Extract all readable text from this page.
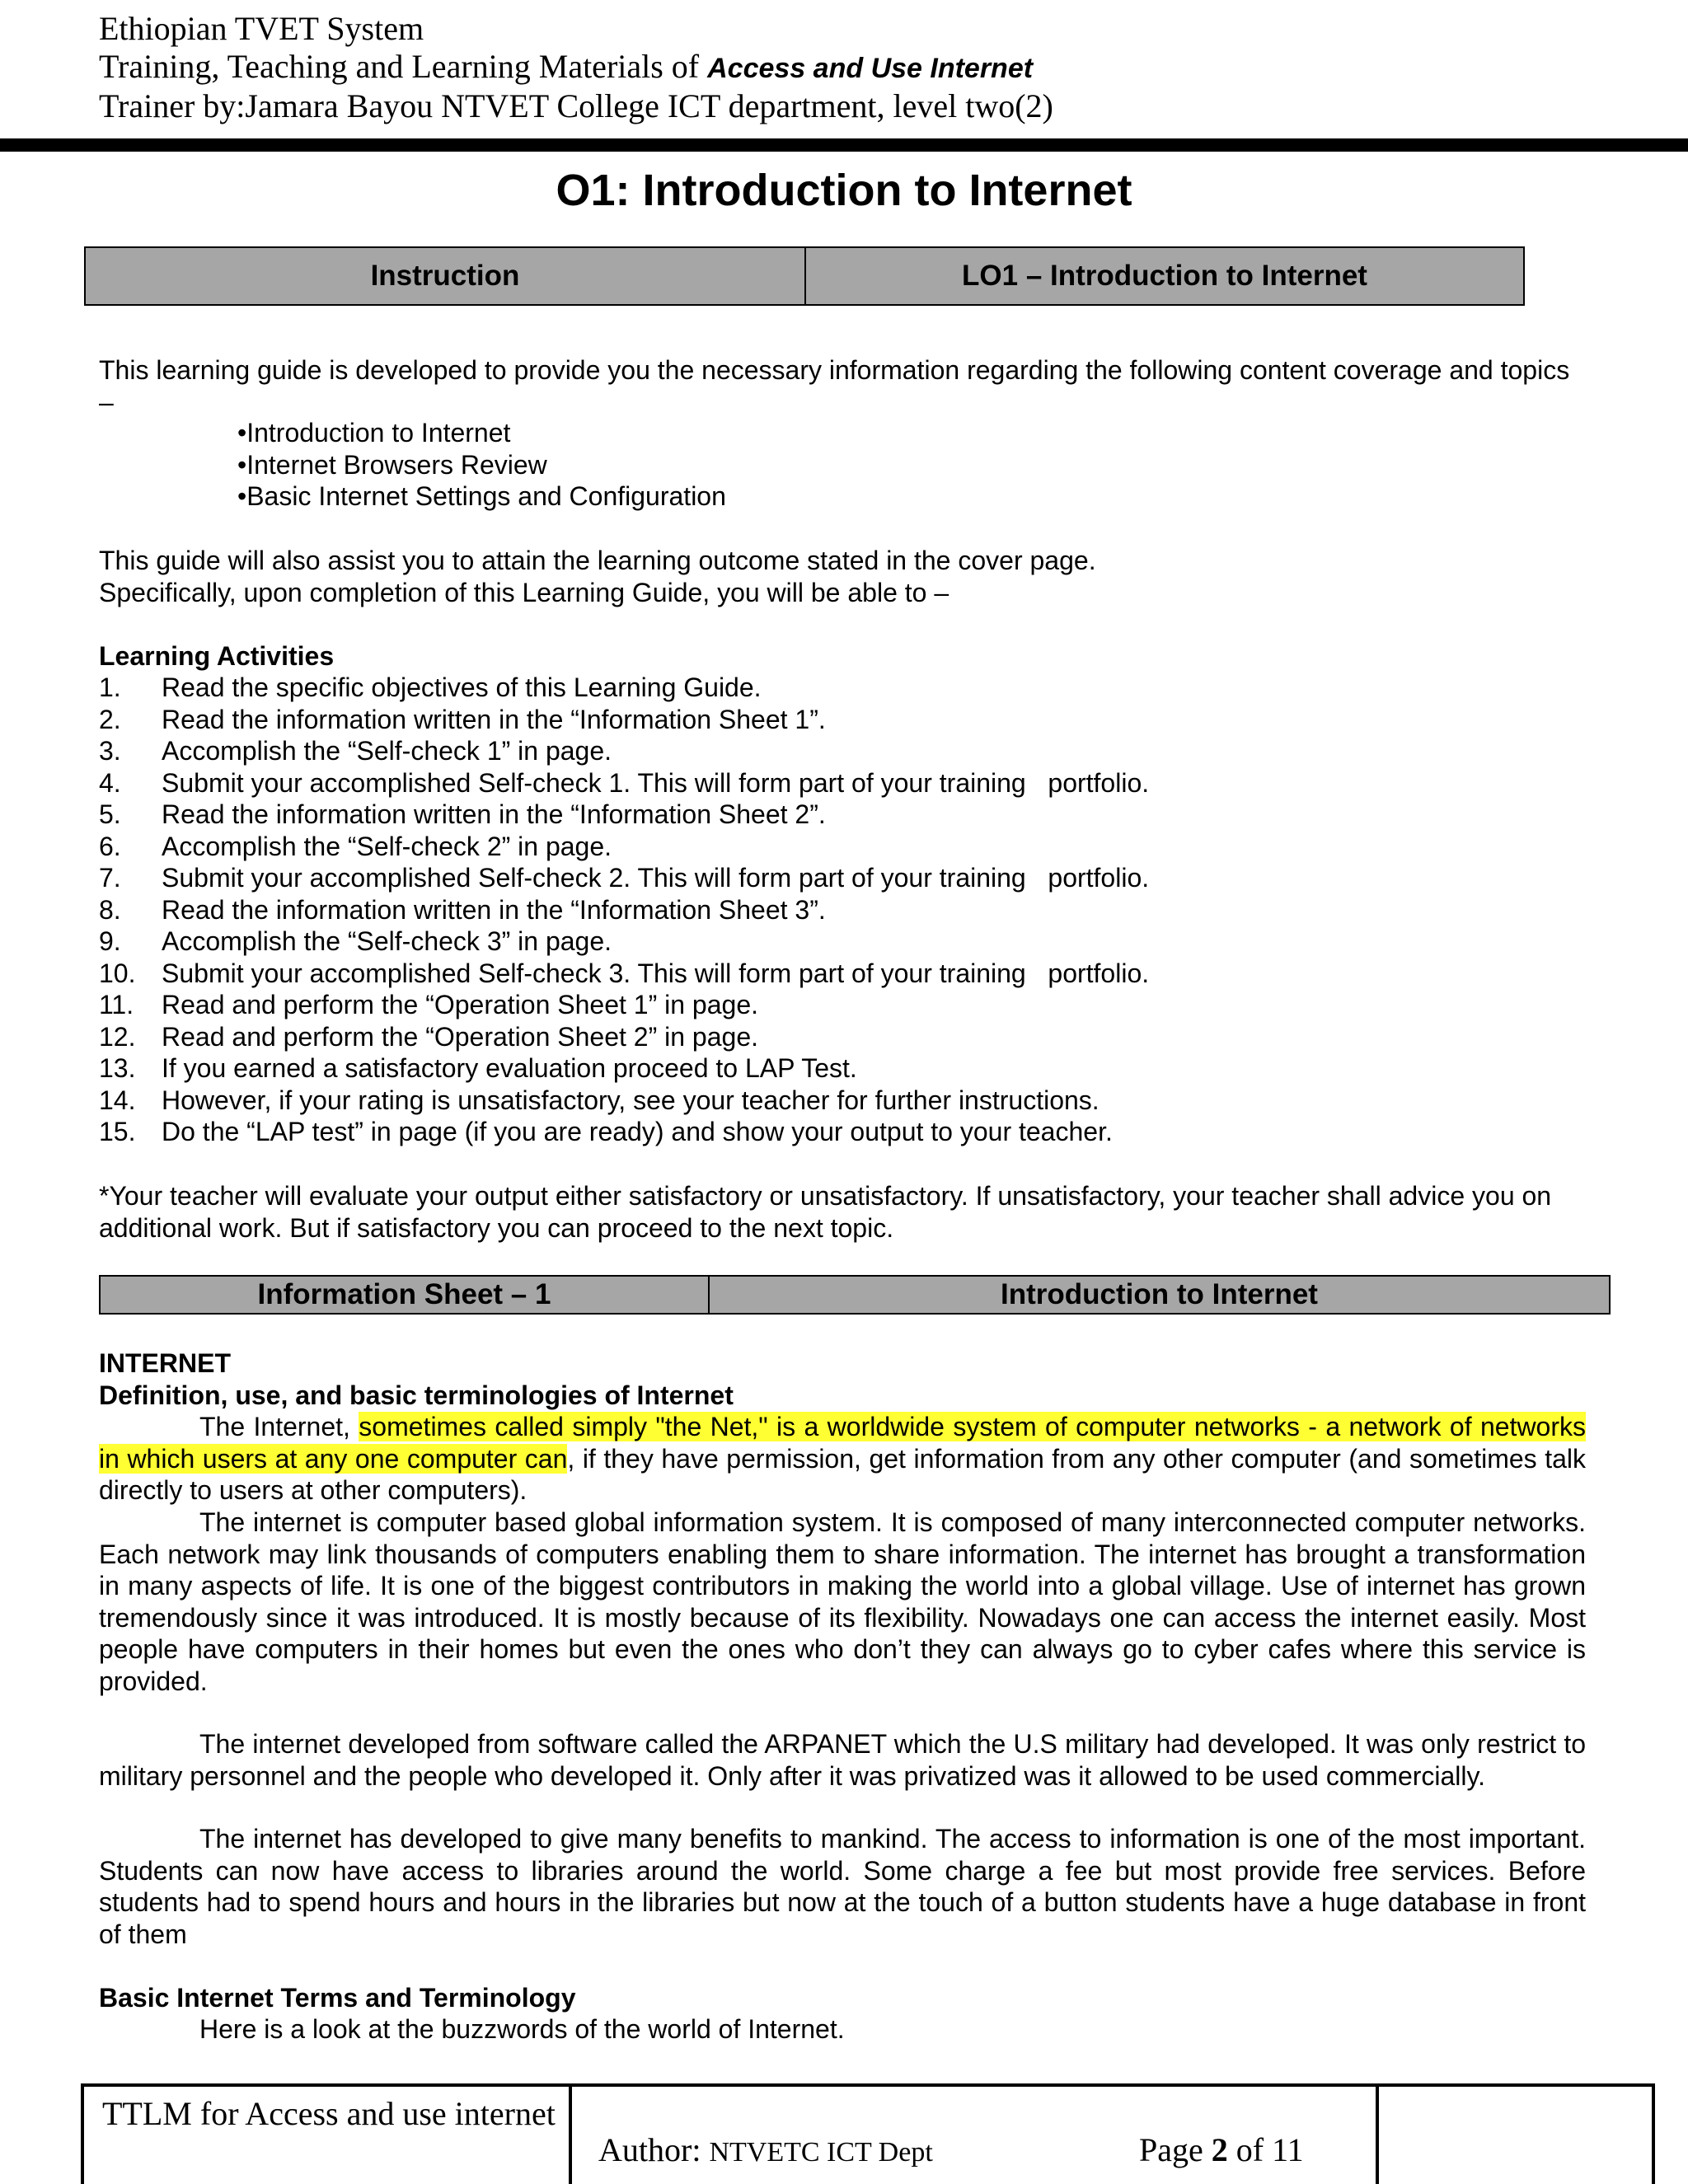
Ethiopian TVET System
Training, Teaching and Learning Materials of Access and Use Internet
Trainer by:Jamara Bayou NTVET College ICT department, level two(2)
O1: Introduction to Internet
Instruction	LO1 – Introduction to Internet
This learning guide is developed to provide you the necessary information regarding the following content coverage and topics –
• Introduction to Internet
• Internet Browsers Review
• Basic Internet Settings and Configuration
This guide will also assist you to attain the learning outcome stated in the cover page.
Specifically, upon completion of this Learning Guide, you will be able to –
Learning Activities
1.	Read the specific objectives of this Learning Guide.
2.	Read the information written in the “Information Sheet 1”.
3.	Accomplish the “Self-check 1” in page.
4.	Submit your accomplished Self-check 1. This will form part of your training   portfolio.
5.	Read the information written in the “Information Sheet 2”.
6.	Accomplish the “Self-check 2” in page.
7.	Submit your accomplished Self-check 2. This will form part of your training   portfolio.
8.	Read the information written in the “Information Sheet 3”.
9.	Accomplish the “Self-check 3” in page.
10. Submit your accomplished Self-check 3. This will form part of your training   portfolio.
11.	Read and perform the “Operation Sheet 1” in page.
12. Read and perform the “Operation Sheet 2” in page.
13. If you earned a satisfactory evaluation proceed to LAP Test.
14. However, if your rating is unsatisfactory, see your teacher for further instructions.
15. Do the “LAP test” in page (if you are ready) and show your output to your teacher.
*Your teacher will evaluate your output either satisfactory or unsatisfactory. If unsatisfactory, your teacher shall advice you on additional work. But if satisfactory you can proceed to the next topic.
Information Sheet – 1	Introduction to Internet
INTERNET
Definition, use, and basic terminologies of Internet
The Internet, sometimes called simply "the Net," is a worldwide system of computer networks - a network of networks in which users at any one computer can, if they have permission, get information from any other computer (and sometimes talk directly to users at other computers).
The internet is computer based global information system. It is composed of many interconnected computer networks. Each network may link thousands of computers enabling them to share information. The internet has brought a transformation in many aspects of life. It is one of the biggest contributors in making the world into a global village. Use of internet has grown tremendously since it was introduced. It is mostly because of its flexibility. Nowadays one can access the internet easily. Most people have computers in their homes but even the ones who don’t they can always go to cyber cafes where this service is provided.
The internet developed from software called the ARPANET which the U.S military had developed. It was only restrict to military personnel and the people who developed it. Only after it was privatized was it allowed to be used commercially.
The internet has developed to give many benefits to mankind. The access to information is one of the most important. Students can now have access to libraries around the world. Some charge a fee but most provide free services. Before students had to spend hours and hours in the libraries but now at the touch of a button students have a huge database in front of them
Basic Internet Terms and Terminology
Here is a look at the buzzwords of the world of Internet.
TTLM for Access and use internet
Author: NTVETC ICT Dept	Page 2 of 11
